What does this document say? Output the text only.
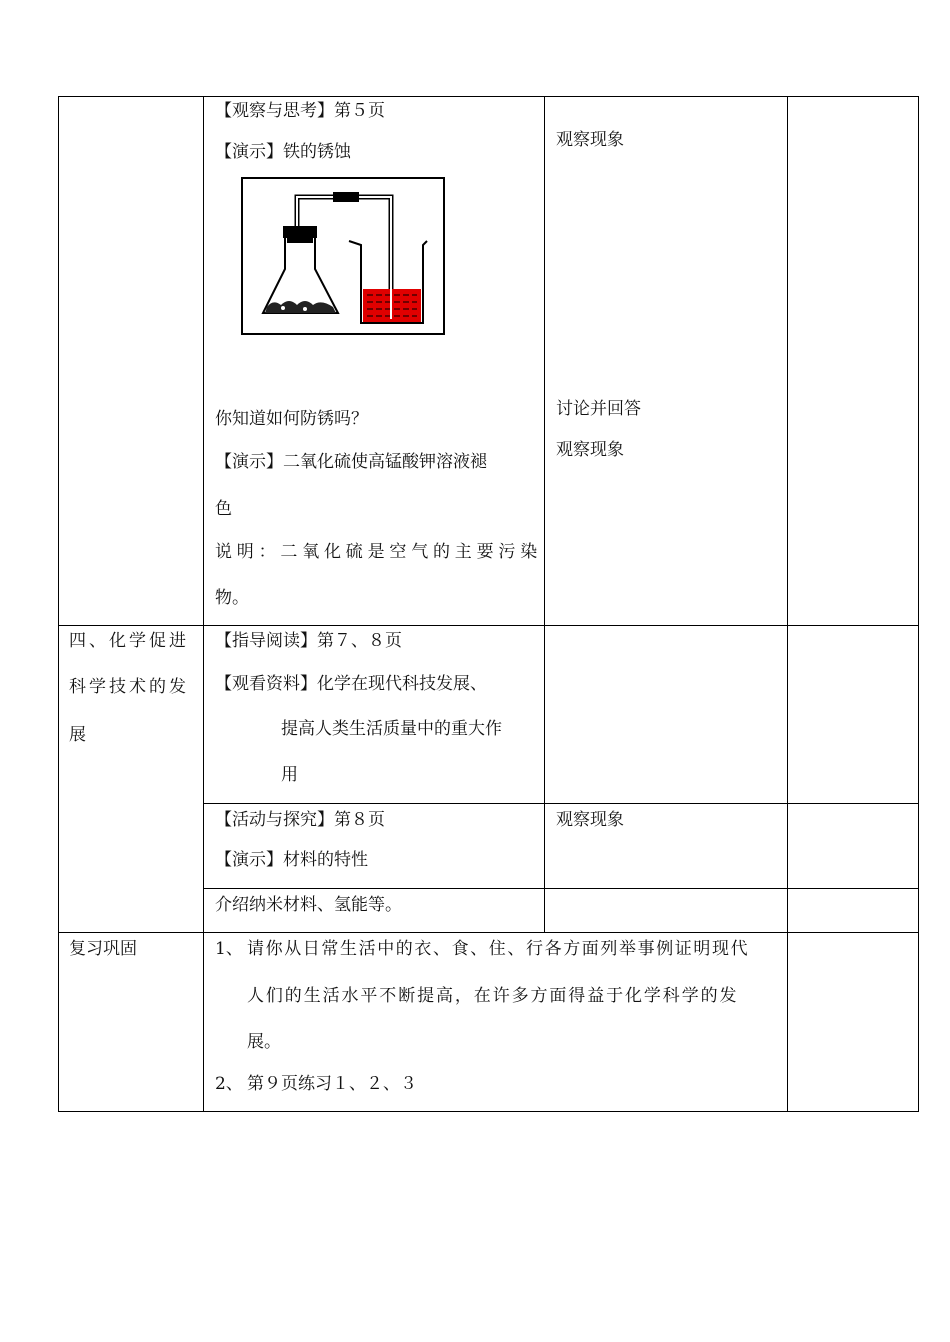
【观察与思考】第５页
【演示】铁的锈蚀
你知道如何防锈吗？
【演示】二氧化硫使高锰酸钾溶液褪
色
说明：二氧化硫是空气的主要污染
物。
观察现象
讨论并回答
观察现象
四、化学促进
科学技术的发
展
【指导阅读】第７、８页
【观看资料】化学在现代科技发展、
提高人类生活质量中的重大作
用
【活动与探究】第８页
【演示】材料的特性
观察现象
介绍纳米材料、氢能等。
复习巩固	1、 请你从日常生活中的衣、食、住、行各方面列举事例证明现代
人们的生活水平不断提高，在许多方面得益于化学科学的发
展。
2、 第９页练习１、２、３
